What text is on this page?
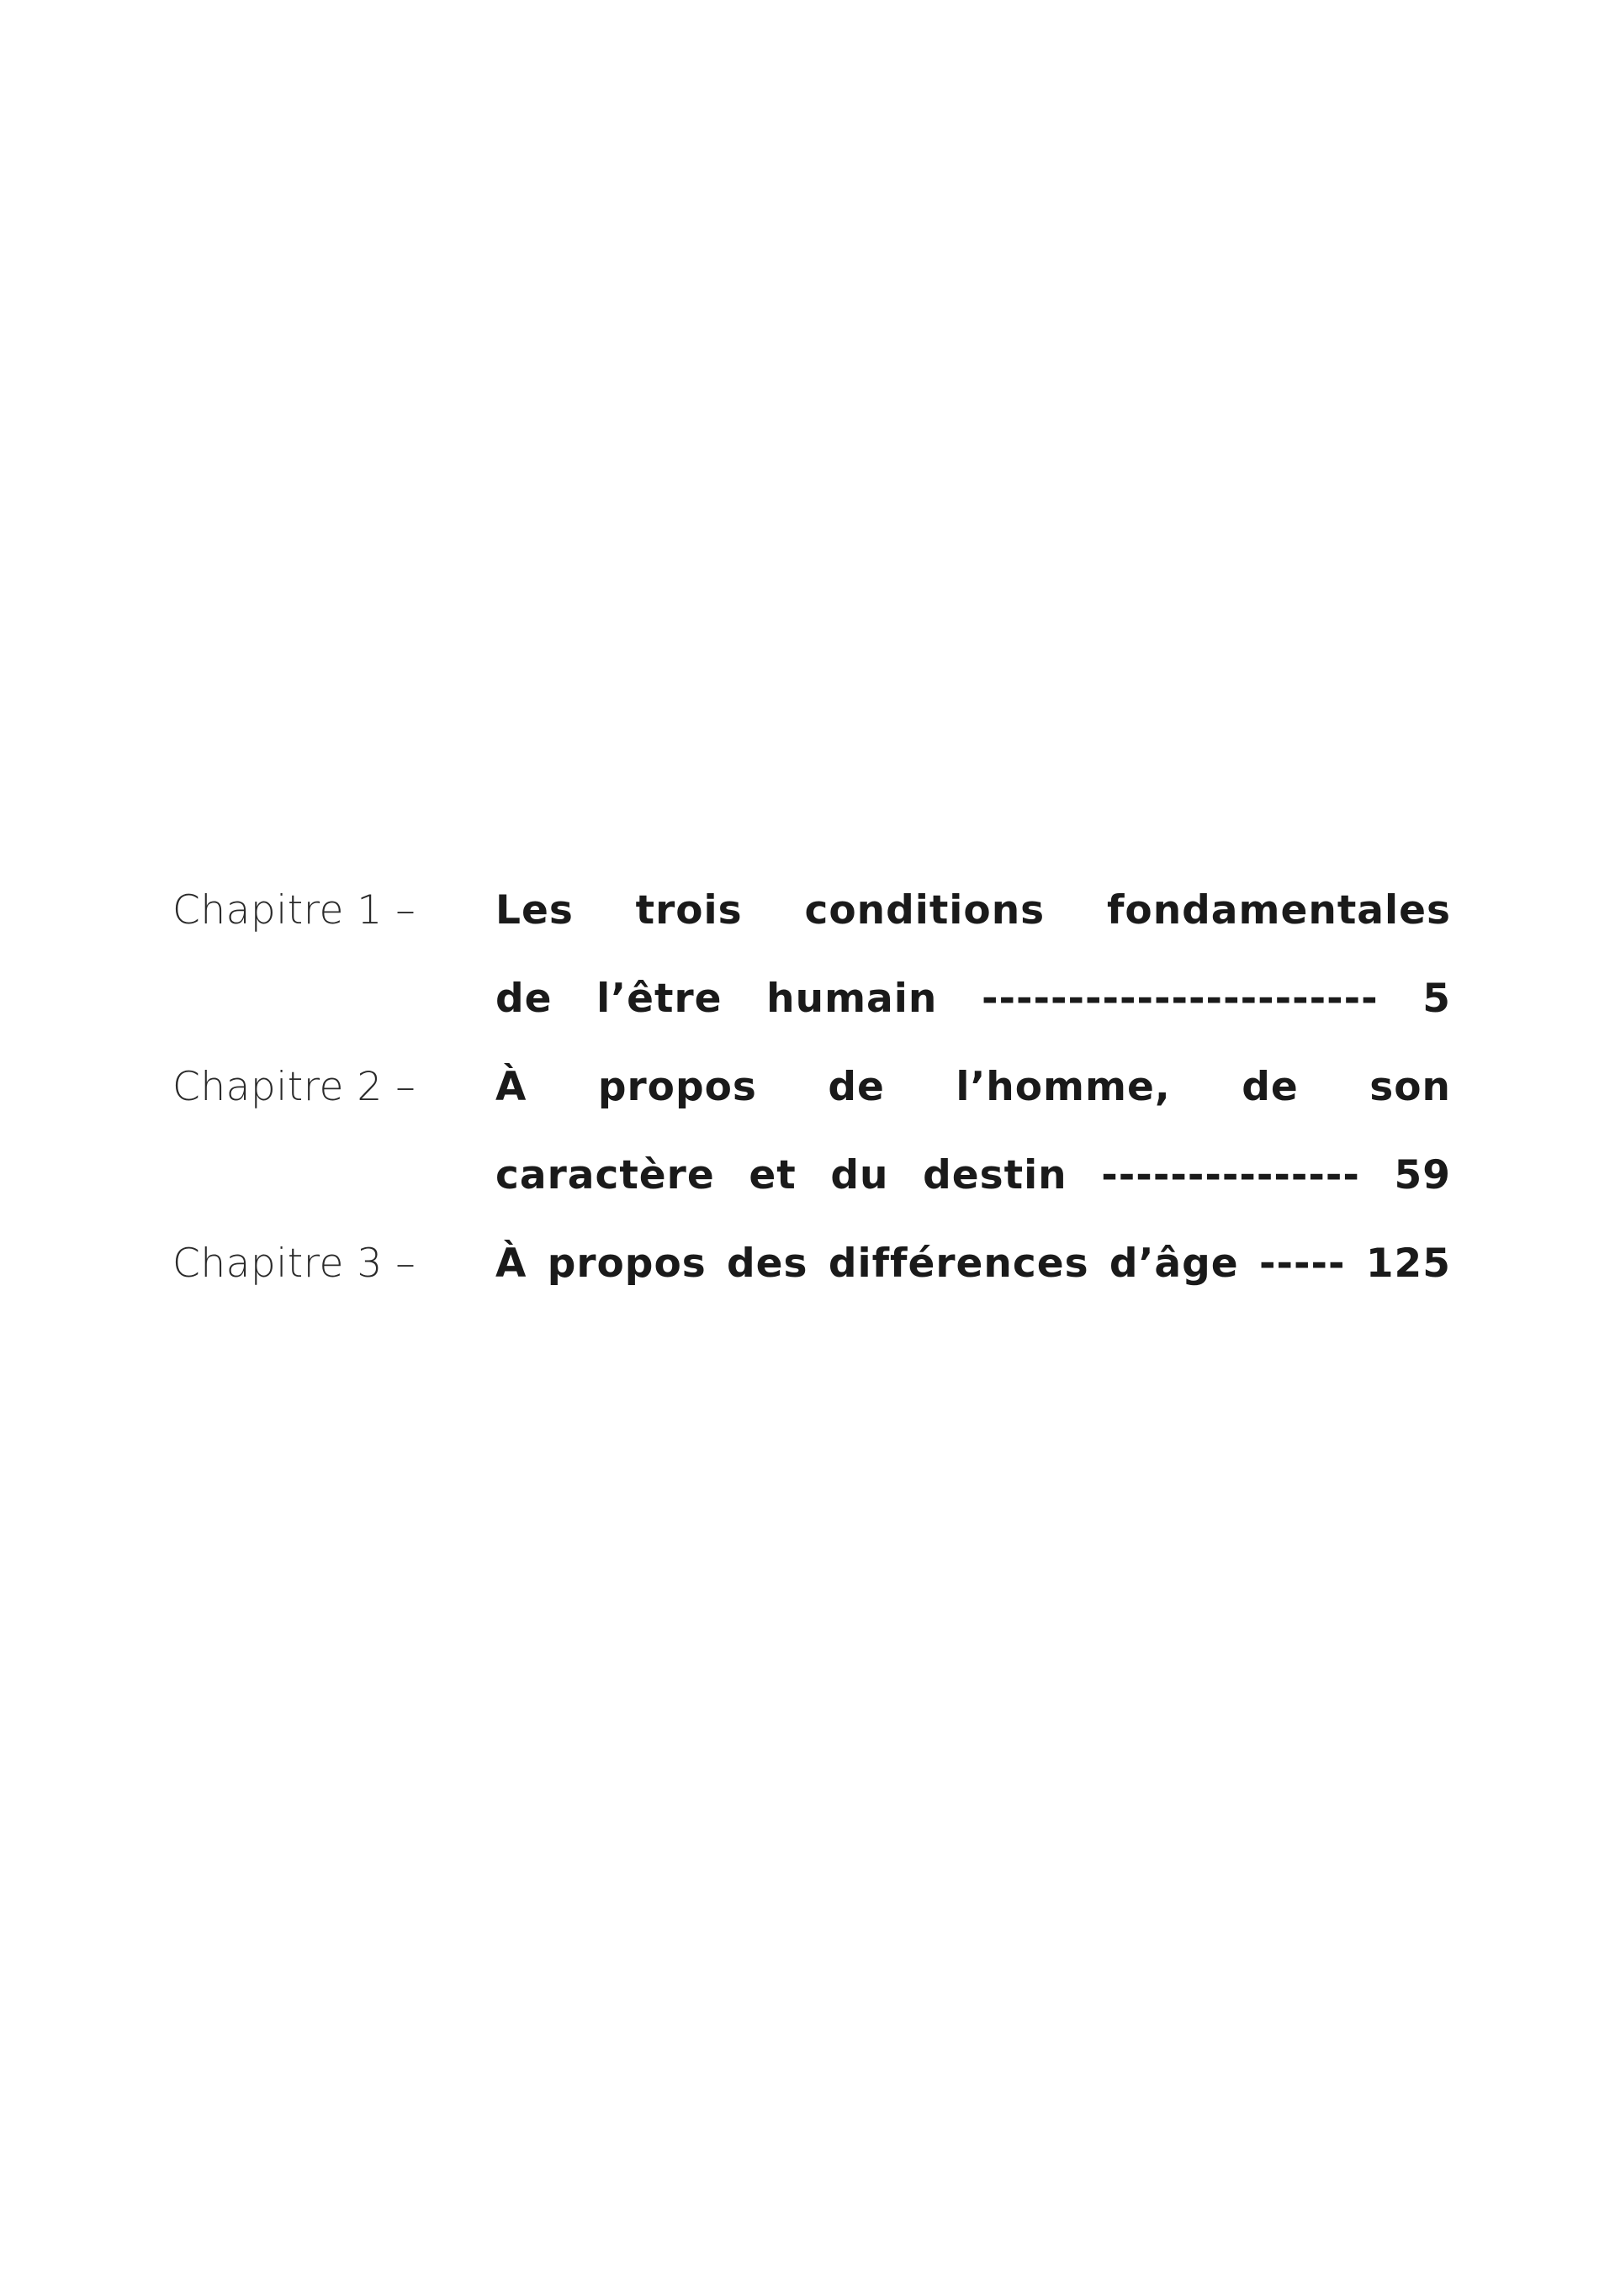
Chapitre 1 –	Les trois conditions fondamentales
de l’être humain ----------------------- 5
Chapitre 2 –	À propos de l’homme, de son
caractère et du destin --------------- 59
Chapitre 3 –	À propos des différences d’âge ----- 125
